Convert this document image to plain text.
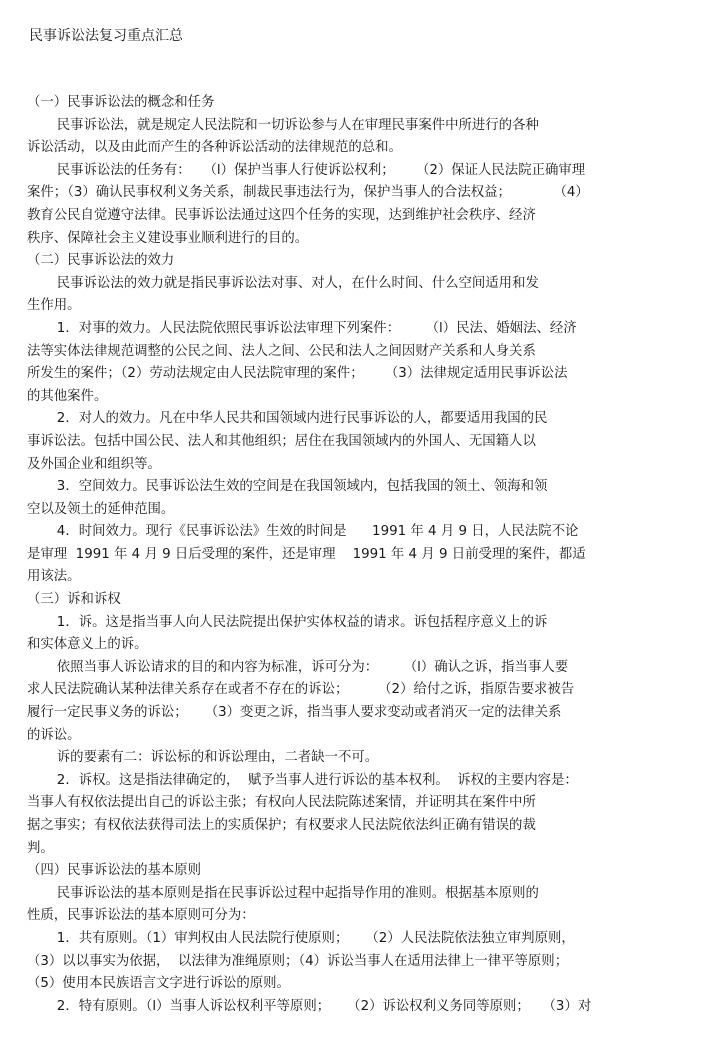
民事诉讼法复习重点汇总
（一）民事诉讼法的概念和任务
民事诉讼法，就是规定人民法院和一切诉讼参与人在审理民事案件中所进行的各种
诉讼活动，以及由此而产生的各种诉讼活动的法律规范的总和。
民事诉讼法的任务有：   （l）保护当事人行使诉讼权利；     （2）保证人民法院正确审理
案件；（3）确认民事权利义务关系，制裁民事违法行为，保护当事人的合法权益；          （4）
教育公民自觉遵守法律。民事诉讼法通过这四个任务的实现，达到维护社会秩序、经济
秩序、保障社会主义建设事业顺利进行的目的。
（二）民事诉讼法的效力
民事诉讼法的效力就是指民事诉讼法对事、对人，在什么时间、什么空间适用和发
生作用。
1．对事的效力。人民法院依照民事诉讼法审理下列案件：      （l）民法、婚姻法、经济
法等实体法律规范调整的公民之间、法人之间、公民和法人之间因财产关系和人身关系
所发生的案件；（2）劳动法规定由人民法院审理的案件；     （3）法律规定适用民事诉讼法
的其他案件。
2．对人的效力。凡在中华人民共和国领域内进行民事诉讼的人，都要适用我国的民
事诉讼法。包括中国公民、法人和其他组织；居住在我国领域内的外国人、无国籍人以
及外国企业和组织等。
3．空间效力。民事诉讼法生效的空间是在我国领域内，包括我国的领土、领海和领
空以及领土的延伸范围。
4．时间效力。现行《民事诉讼法》生效的时间是      1991 年 4 月 9 日，人民法院不论
是审理  1991 年 4 月 9 日后受理的案件，还是审理    1991 年 4 月 9 日前受理的案件，都适
用该法。
（三）诉和诉权
1．诉。这是指当事人向人民法院提出保护实体权益的请求。诉包括程序意义上的诉
和实体意义上的诉。
依照当事人诉讼请求的目的和内容为标准，诉可分为：      （l）确认之诉，指当事人要
求人民法院确认某种法律关系存在或者不存在的诉讼；       （2）给付之诉，指原告要求被告
履行一定民事义务的诉讼；    （3）变更之诉，指当事人要求变动或者消灭一定的法律关系
的诉讼。
诉的要素有二：诉讼标的和诉讼理由，二者缺一不可。
2．诉权。这是指法律确定的，  赋予当事人进行诉讼的基本权利。  诉权的主要内容是：
当事人有权依法提出自己的诉讼主张；有权向人民法院陈述案情，并证明其在案件中所
据之事实；有权依法获得司法上的实质保护；有权要求人民法院依法纠正确有错误的裁
判。
（四）民事诉讼法的基本原则
民事诉讼法的基本原则是指在民事诉讼过程中起指导作用的准则。根据基本原则的
性质，民事诉讼法的基本原则可分为：
1．共有原则。（1）审判权由人民法院行使原则；    （2）人民法院依法独立审判原则，
（3）以以事实为依据，  以法律为准绳原则；（4）诉讼当事人在适用法律上一律平等原则；
（5）使用本民族语言文字进行诉讼的原则。
2．特有原则。（l）当事人诉讼权利平等原则；    （2）诉讼权利义务同等原则；   （3）对
